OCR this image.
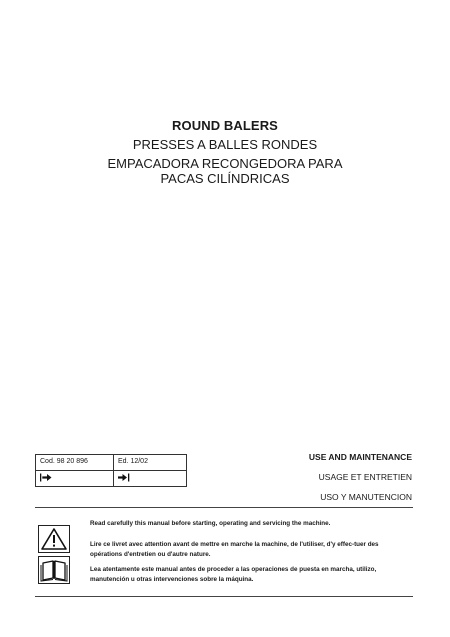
ROUND BALERS
PRESSES A BALLES RONDES
EMPACADORA RECONGEDORA PARA
PACAS CILÍNDRICAS
Cod. 98 20 896	Ed. 12/02	USE AND MAINTENANCE
USAGE ET ENTRETIEN
USO Y MANUTENCION
Read carefully this manual before starting, operating and servicing the machine.
Lire ce livret avec attention avant de mettre en marche la machine, de l'utiliser, d'y effec-tuer des opérations d'entretien ou d'autre nature.
Lea atentamente este manual antes de proceder a las operaciones de puesta en marcha, utilizo, manutención u otras intervenciones sobre la máquina.
